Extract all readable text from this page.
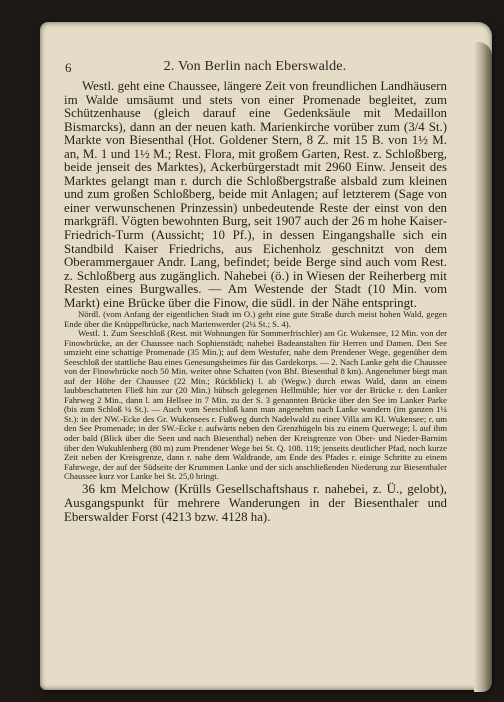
6	2. Von Berlin nach Eberswalde.

Westl. geht eine Chaussee, längere Zeit von freundlichen Landhäusern im Walde umsäumt und stets von einer Promenade begleitet, zum Schützenhause (gleich darauf eine Gedenksäule mit Medaillon Bismarcks), dann an der neuen kath. Marienkirche vorüber zum (3/4 St.) Markte von Biesenthal (Hot. Goldener Stern, 8 Z. mit 15 B. von 1½ M. an, M. 1 und 1½ M.; Rest. Flora, mit großem Garten, Rest. z. Schloßberg, beide jenseit des Marktes), Ackerbürgerstadt mit 2960 Einw. Jenseit des Marktes gelangt man r. durch die Schloßbergstraße alsbald zum kleinen und zum großen Schloßberg, beide mit Anlagen; auf letzterem (Sage von einer verwunschenen Prinzessin) unbedeutende Reste der einst von den markgräfl. Vögten bewohnten Burg, seit 1907 auch der 26 m hohe Kaiser-Friedrich-Turm (Aussicht; 10 Pf.), in dessen Eingangshalle sich ein Standbild Kaiser Friedrichs, aus Eichenholz geschnitzt von dem Oberammergauer Andr. Lang, befindet; beide Berge sind auch vom Rest. z. Schloßberg aus zugänglich. Nahebei (ö.) in Wiesen der Reiherberg mit Resten eines Burgwalles. — Am Westende der Stadt (10 Min. vom Markt) eine Brücke über die Finow, die südl. in der Nähe entspringt.

Nördl. (vom Anfang der eigentlichen Stadt im O.) geht eine gute Straße durch meist hohen Wald, gegen Ende über die Knüppelbrücke, nach Marienwerder (2¼ St.; S. 4).

Westl. 1. Zum Seeschloß (Rest. mit Wohnungen für Sommerfrischler) am Gr. Wukensee, 12 Min. von der Finowbrücke, an der Chaussee nach Sophienstädt; nahebei Badeanstalten für Herren und Damen. Den See umzieht eine schattige Promenade (35 Min.); auf dem Westufer, nahe dem Prendener Wege, gegenüber dem Seeschloß der stattliche Bau eines Genesungsheimes für das Gardekorps. — 2. Nach Lanke geht die Chaussee von der Finowbrücke noch 50 Min. weiter ohne Schatten (von Bhf. Biesenthal 8 km). Angenehmer biegt man auf der Höhe der Chaussee (22 Min.; Rückblick) l. ab (Wegw.) durch etwas Wald, dann an einem laubbeschatteten Fließ hin zur (20 Min.) hübsch gelegenen Hellmühle; hier vor der Brücke r. den Lanker Fahrweg 2 Min., dann l. am Hellsee in 7 Min. zu der S. 3 genannten Brücke über den See im Lanker Parke (bis zum Schloß ¼ St.). — Auch vom Seeschloß kann man angenehm nach Lanke wandern (im ganzen 1¼ St.): in der NW.-Ecke des Gr. Wukensees r. Fußweg durch Nadelwald zu einer Villa am Kl. Wukensee; r. um den See Promenade; in der SW.-Ecke r. aufwärts neben den Grenzhügeln bis zu einem Querwege; l. auf ihm oder bald (Blick über die Seen und nach Biesenthal) neben der Kreisgrenze von Ober- und Nieder-Barnim über den Wukuhlenberg (80 m) zum Prendener Wege bei St. Q. 108. 119; jenseits deutlicher Pfad, noch kurze Zeit neben der Kreisgrenze, dann r. nahe dem Waldrande, am Ende des Pfades r. einige Schritte zu einem Fahrwege, der auf der Südseite der Krummen Lanke und der sich anschließenden Niederung zur Biesenthaler Chaussee kurz vor Lanke bei St. 25,0 bringt.

36 km Melchow (Krülls Gesellschaftshaus r. nahebei, z. Ü., gelobt), Ausgangspunkt für mehrere Wanderungen in der Biesenthaler und Eberswalder Forst (4213 bzw. 4128 ha).
